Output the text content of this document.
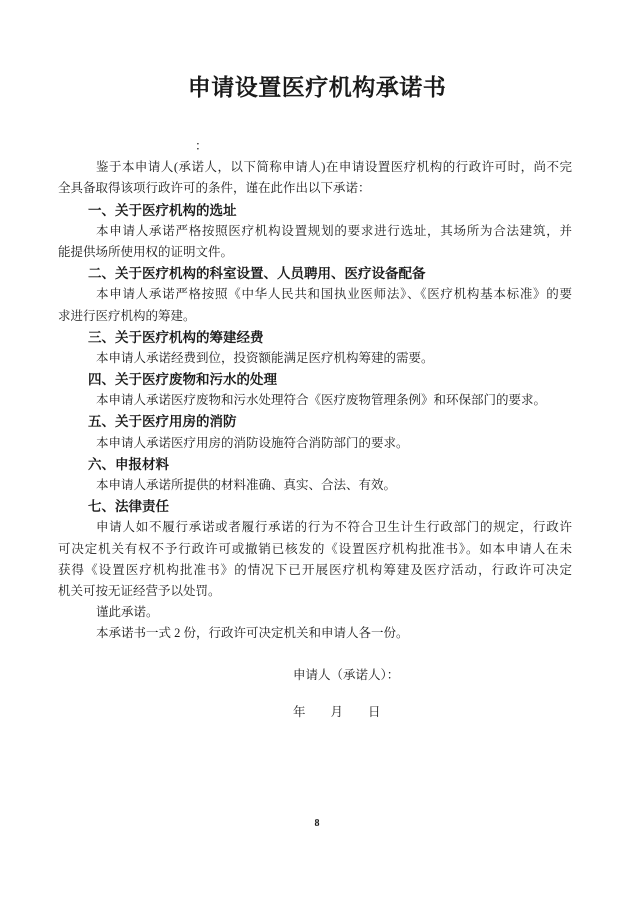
申请设置医疗机构承诺书
：
鉴于本申请人(承诺人，以下简称申请人)在申请设置医疗机构的行政许可时，尚不完
全具备取得该项行政许可的条件，谨在此作出以下承诺：
一、关于医疗机构的选址
本申请人承诺严格按照医疗机构设置规划的要求进行选址，其场所为合法建筑，并
能提供场所使用权的证明文件。
二、关于医疗机构的科室设置、人员聘用、医疗设备配备
本申请人承诺严格按照《中华人民共和国执业医师法》、《医疗机构基本标准》的要
求进行医疗机构的筹建。
三、关于医疗机构的筹建经费
本申请人承诺经费到位，投资额能满足医疗机构筹建的需要。
四、关于医疗废物和污水的处理
本申请人承诺医疗废物和污水处理符合《医疗废物管理条例》和环保部门的要求。
五、关于医疗用房的消防
本申请人承诺医疗用房的消防设施符合消防部门的要求。
六、申报材料
本申请人承诺所提供的材料准确、真实、合法、有效。
七、法律责任
申请人如不履行承诺或者履行承诺的行为不符合卫生计生行政部门的规定，行政许
可决定机关有权不予行政许可或撤销已核发的《设置医疗机构批准书》。如本申请人在未
获得《设置医疗机构批准书》的情况下已开展医疗机构筹建及医疗活动，行政许可决定
机关可按无证经营予以处罚。
谨此承诺。
本承诺书一式 2 份，行政许可决定机关和申请人各一份。
申请人（承诺人）：
年　　月　　日
8
